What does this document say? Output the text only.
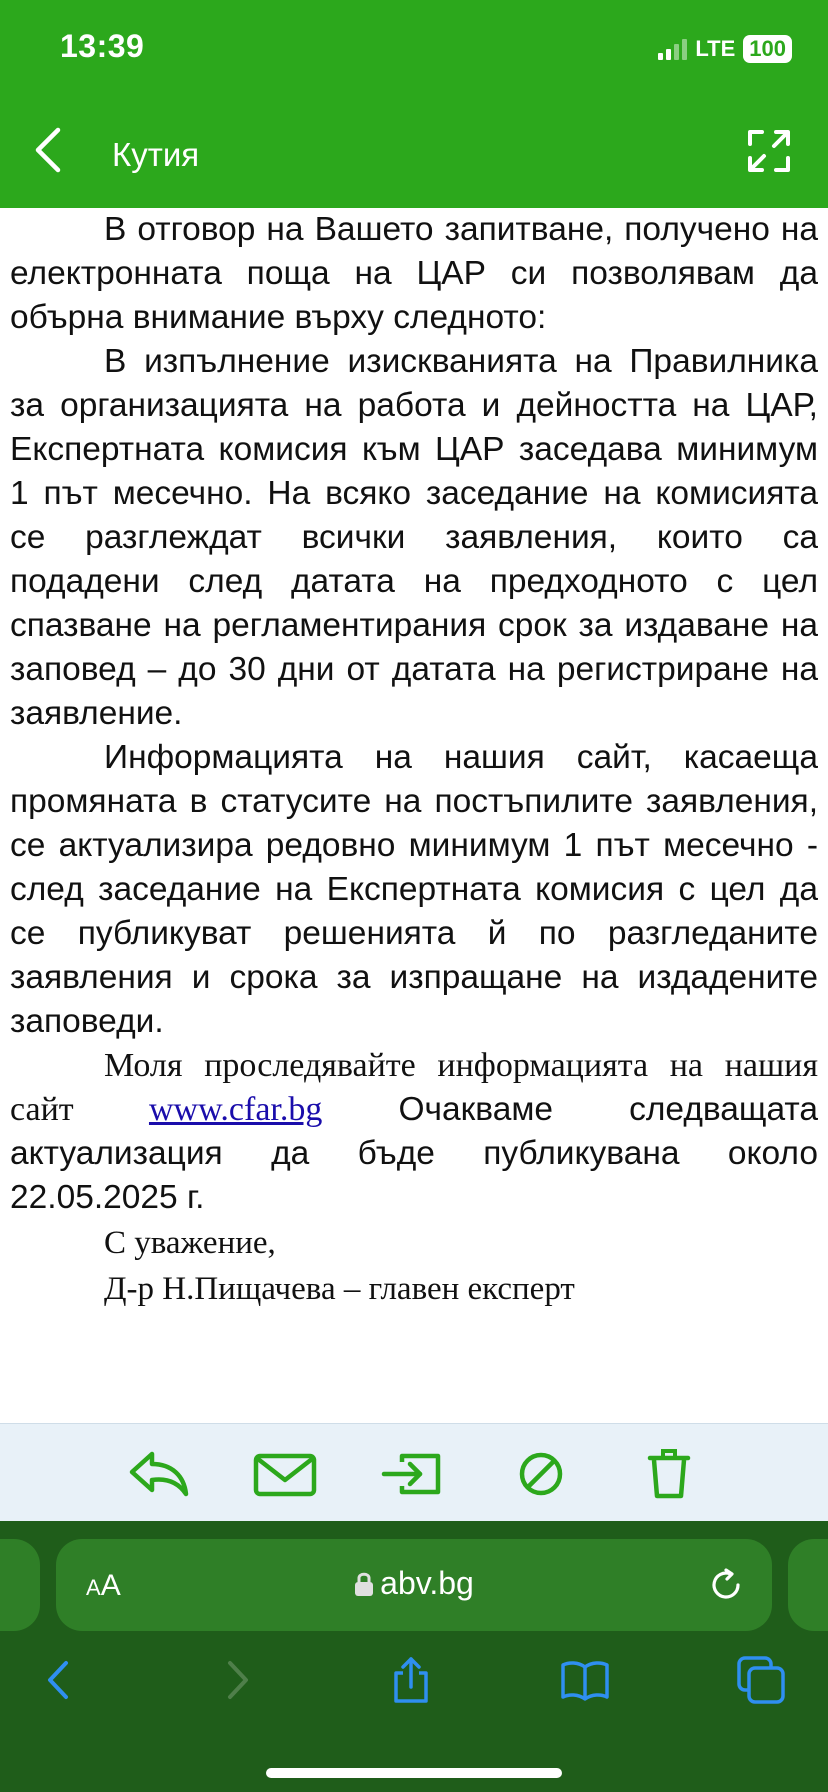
13:39	LTE 100
Кутия

В отговор на Вашето запитване, получено на електронната поща на ЦАР си позволявам да обърна внимание върху следното:

В изпълнение изискванията на Правилника за организацията на работа и дейността на ЦАР, Експертната комисия към ЦАР заседава минимум 1 път месечно. На всяко заседание на комисията се разглеждат всички заявления, които са подадени след датата на предходното с цел спазване на регламентирания срок за издаване на заповед – до 30 дни от датата на регистриране на заявление.

Информацията на нашия сайт, касаеща промяната в статусите на постъпилите заявления, се актуализира редовно минимум 1 път месечно - след заседание на Експертната комисия с цел да се публикуват решенията й по разгледаните заявления и срока за изпращане на издадените заповеди.

Моля проследявайте информацията на нашия сайт www.cfar.bg Очакваме следващата актуализация да бъде публикувана около 22.05.2025 г.

С уважение,

Д-р Н.Пищачева – главен експерт

AA	abv.bg
